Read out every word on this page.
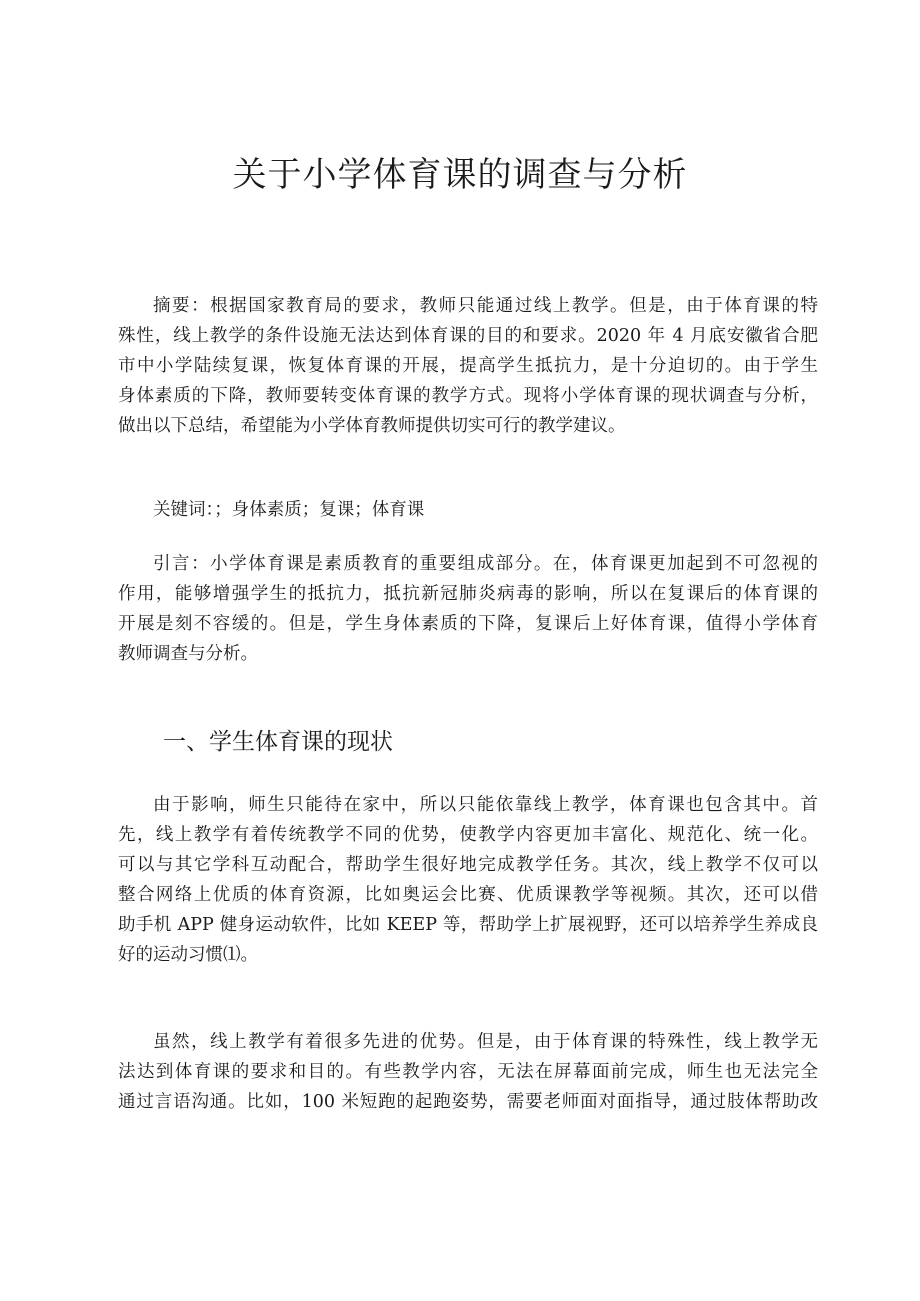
关于小学体育课的调查与分析
摘要：根据国家教育局的要求，教师只能通过线上教学。但是，由于体育课的特
殊性，线上教学的条件设施无法达到体育课的目的和要求。2020 年 4 月底安徽省合肥
市中小学陆续复课，恢复体育课的开展，提高学生抵抗力，是十分迫切的。由于学生
身体素质的下降，教师要转变体育课的教学方式。现将小学体育课的现状调查与分析，
做出以下总结，希望能为小学体育教师提供切实可行的教学建议。
关键词：；身体素质；复课；体育课
引言：小学体育课是素质教育的重要组成部分。在，体育课更加起到不可忽视的
作用，能够增强学生的抵抗力，抵抗新冠肺炎病毒的影响，所以在复课后的体育课的
开展是刻不容缓的。但是，学生身体素质的下降，复课后上好体育课，值得小学体育
教师调查与分析。
一、学生体育课的现状
由于影响，师生只能待在家中，所以只能依靠线上教学，体育课也包含其中。首
先，线上教学有着传统教学不同的优势，使教学内容更加丰富化、规范化、统一化。
可以与其它学科互动配合，帮助学生很好地完成教学任务。其次，线上教学不仅可以
整合网络上优质的体育资源，比如奥运会比赛、优质课教学等视频。其次，还可以借
助手机 APP 健身运动软件，比如 KEEP 等，帮助学上扩展视野，还可以培养学生养成良
好的运动习惯⑴。
虽然，线上教学有着很多先进的优势。但是，由于体育课的特殊性，线上教学无
法达到体育课的要求和目的。有些教学内容，无法在屏幕面前完成，师生也无法完全
通过言语沟通。比如，100 米短跑的起跑姿势，需要老师面对面指导，通过肢体帮助改
